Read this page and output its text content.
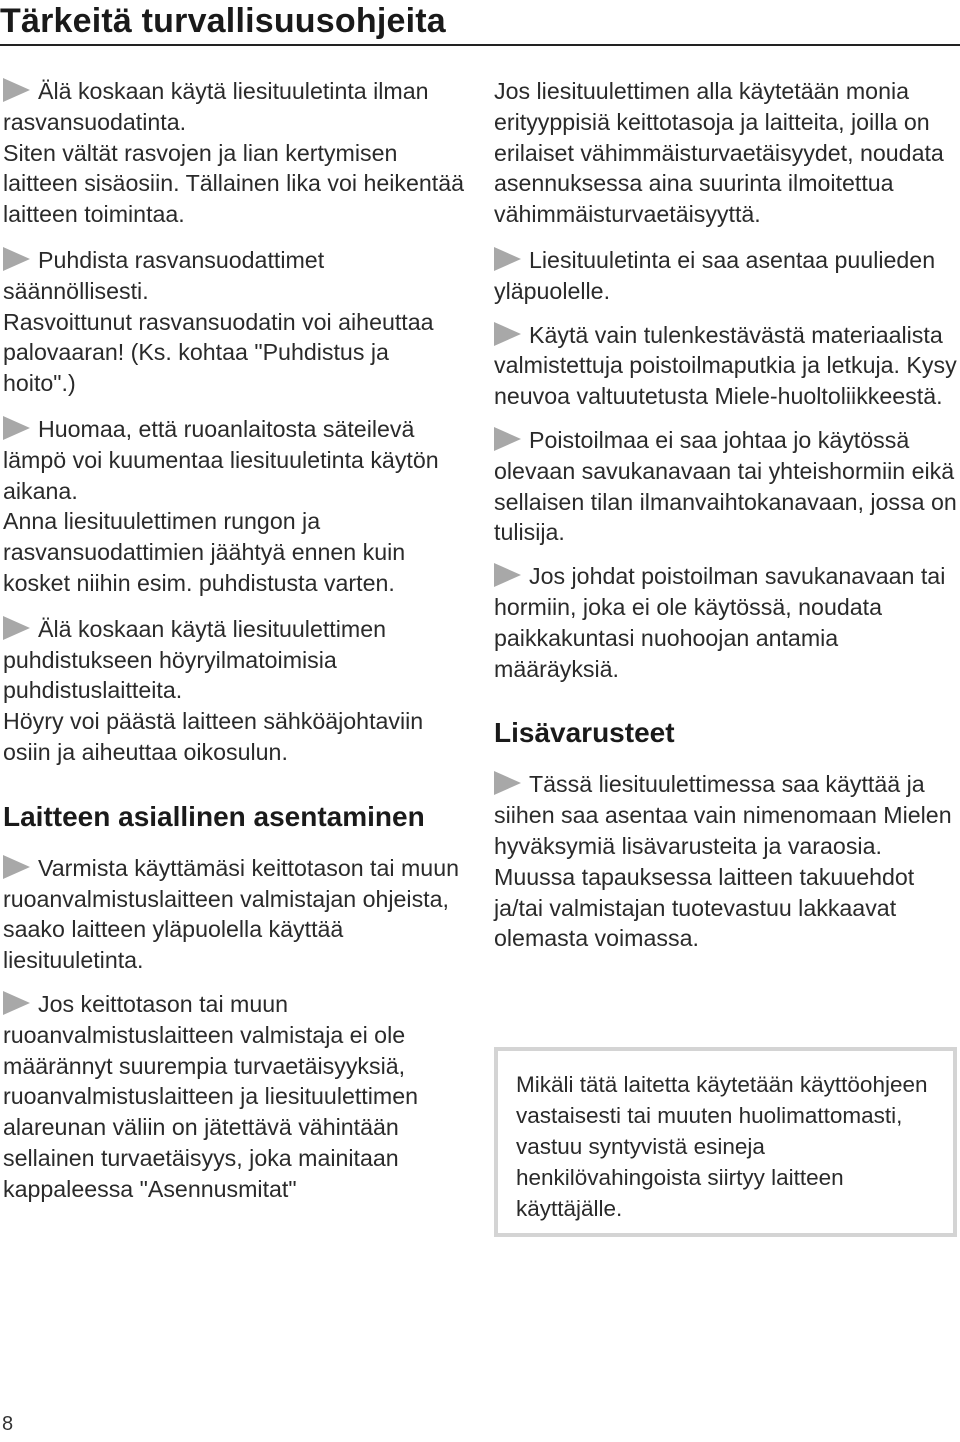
Tärkeitä turvallisuusohjeita

Älä koskaan käytä liesituuletinta ilman rasvansuodatinta.

Siten vältät rasvojen ja lian kertymisen laitteen sisäosiin. Tällainen lika voi heikentää laitteen toimintaa.

Puhdista rasvansuodattimet säännöllisesti.

Rasvoittunut rasvansuodatin voi aiheuttaa palovaaran! (Ks. kohtaa "Puhdistus ja hoito".)

Huomaa, että ruoanlaitosta säteilevä lämpö voi kuumentaa liesituuletinta käytön aikana.

Anna liesituulettimen rungon ja rasvansuodattimien jäähtyä ennen kuin kosket niihin esim. puhdistusta varten.

Älä koskaan käytä liesituulettimen puhdistukseen höyryilmatoimisia puhdistuslaitteita.

Höyry voi päästä laitteen sähköäjohtaviin osiin ja aiheuttaa oikosulun.

Laitteen asiallinen asentaminen

Varmista käyttämäsi keittotason tai muun ruoanvalmistuslaitteen valmistajan ohjeista, saako laitteen yläpuolella käyttää liesituuletinta.

Jos keittotason tai muun ruoanvalmistuslaitteen valmistaja ei ole määrännyt suurempia turvaetäisyyksiä, ruoanvalmistuslaitteen ja liesituulettimen alareunan väliin on jätettävä vähintään sellainen turvaetäisyys, joka mainitaan kappaleessa "Asennusmitat"

Jos liesituulettimen alla käytetään monia erityyppisiä keittotasoja ja laitteita, joilla on erilaiset vähimmäisturvaetäisyydet, noudata asennuksessa aina suurinta ilmoitettua vähimmäisturvaetäisyyttä.

Liesituuletinta ei saa asentaa puulieden yläpuolelle.

Käytä vain tulenkestävästä materiaalista valmistettuja poistoilmaputkia ja letkuja. Kysy neuvoa valtuutetusta Miele-huoltoliikkeestä.

Poistoilmaa ei saa johtaa jo käytössä olevaan savukanavaan tai yhteishormiin eikä sellaisen tilan ilmanvaihtokanavaan, jossa on tulisija.

Jos johdat poistoilman savukanavaan tai hormiin, joka ei ole käytössä, noudata paikkakuntasi nuohoojan antamia määräyksiä.

Lisävarusteet

Tässä liesituulettimessa saa käyttää ja siihen saa asentaa vain nimenomaan Mielen hyväksymiä lisävarusteita ja varaosia. Muussa tapauksessa laitteen takuuehdot ja/tai valmistajan tuotevastuu lakkaavat olemasta voimassa.

Mikäli tätä laitetta käytetään käyttöohjeen vastaisesti tai muuten huolimattomasti, vastuu syntyvistä esineja henkilövahingoista siirtyy laitteen käyttäjälle.

8
